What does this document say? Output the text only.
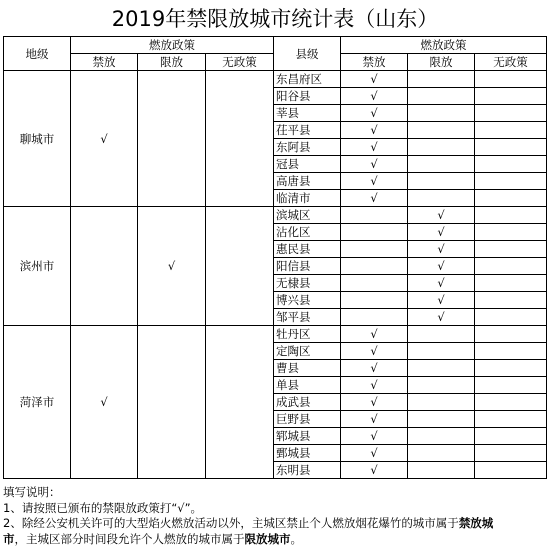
2019年禁限放城市统计表（山东）
地级	燃放政策			县级	燃放政策		
	禁放	限放	无政策		禁放	限放	无政策
聊城市	√			东昌府区	√		
				阳谷县	√		
				莘县	√		
				茌平县	√		
				东阿县	√		
				冠县	√		
				高唐县	√		
				临清市	√		
滨州市		√		滨城区		√	
				沾化区		√	
				惠民县		√	
				阳信县		√	
				无棣县		√	
				博兴县		√	
				邹平县		√	
菏泽市	√			牡丹区	√		
				定陶区	√		
				曹县	√		
				单县	√		
				成武县	√		
				巨野县	√		
				郓城县	√		
				鄄城县	√		
				东明县	√		
填写说明：
1、请按照已颁布的禁限放政策打“√”。
2、除经公安机关许可的大型焰火燃放活动以外，主城区禁止个人燃放烟花爆竹的城市属于禁放城
市，主城区部分时间段允许个人燃放的城市属于限放城市。
